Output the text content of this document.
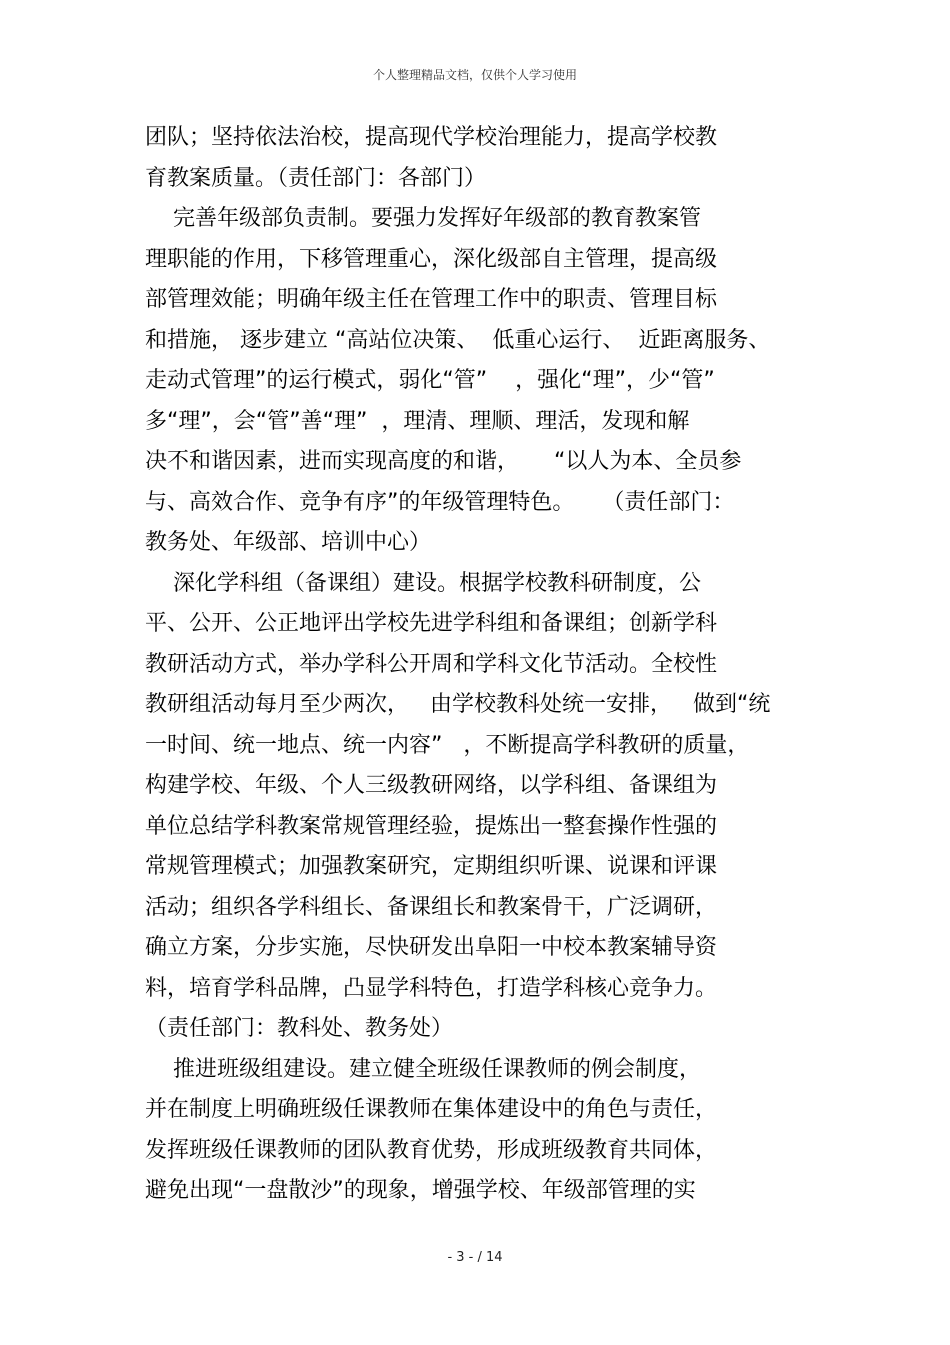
个人整理精品文档，仅供个人学习使用
团队；坚持依法治校，提高现代学校治理能力，提高学校教
育教案质量。（责任部门：各部门）
完善年级部负责制。要强力发挥好年级部的教育教案管
理职能的作用，下移管理重心，深化级部自主管理，提高级
部管理效能；明确年级主任在管理工作中的职责、管理目标
和措施， 逐步建立 “高站位决策、  低重心运行、  近距离服务、
走动式管理”的运行模式，弱化“管”    ，强化“理”，少“管”
多“理”，会“管”善“理”  ，理清、理顺、理活，发现和解
决不和谐因素，进而实现高度的和谐，     “以人为本、全员参
与、高效合作、竞争有序”的年级管理特色。    （责任部门：
教务处、年级部、培训中心）
深化学科组（备课组）建设。根据学校教科研制度，公
平、公开、公正地评出学校先进学科组和备课组；创新学科
教研活动方式，举办学科公开周和学科文化节活动。全校性
教研组活动每月至少两次，   由学校教科处统一安排，   做到“统
一时间、统一地点、统一内容”   ，不断提高学科教研的质量，
构建学校、年级、个人三级教研网络，以学科组、备课组为
单位总结学科教案常规管理经验，提炼出一整套操作性强的
常规管理模式；加强教案研究，定期组织听课、说课和评课
活动；组织各学科组长、备课组长和教案骨干，广泛调研，
确立方案，分步实施，尽快研发出阜阳一中校本教案辅导资
料，培育学科品牌，凸显学科特色，打造学科核心竞争力。
（责任部门：教科处、教务处）
推进班级组建设。建立健全班级任课教师的例会制度，
并在制度上明确班级任课教师在集体建设中的角色与责任，
发挥班级任课教师的团队教育优势，形成班级教育共同体，
避免出现“一盘散沙”的现象，增强学校、年级部管理的实
- 3 - / 14
